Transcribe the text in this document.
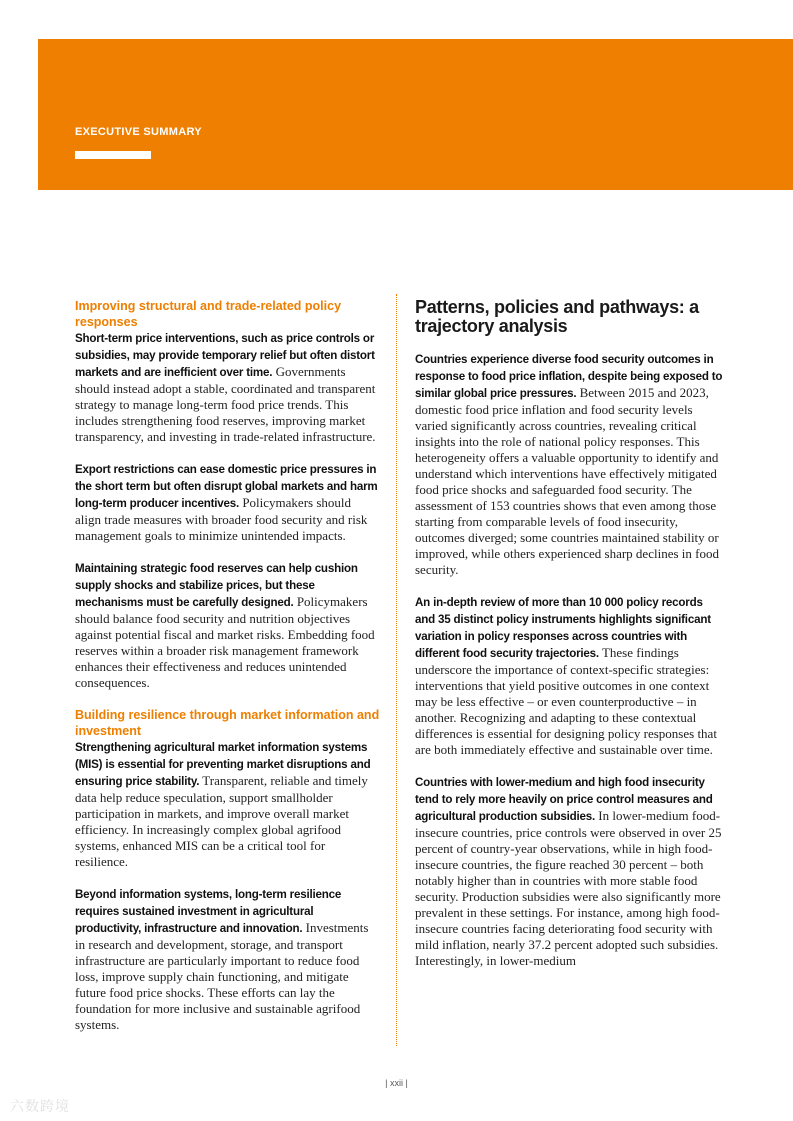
EXECUTIVE SUMMARY

Improving structural and trade-related policy responses

Short-term price interventions, such as price controls or subsidies, may provide temporary relief but often distort markets and are inefficient over time. Governments should instead adopt a stable, coordinated and transparent strategy to manage long-term food price trends. This includes strengthening food reserves, improving market transparency, and investing in trade-related infrastructure.

Export restrictions can ease domestic price pressures in the short term but often disrupt global markets and harm long-term producer incentives. Policymakers should align trade measures with broader food security and risk management goals to minimize unintended impacts.

Maintaining strategic food reserves can help cushion supply shocks and stabilize prices, but these mechanisms must be carefully designed. Policymakers should balance food security and nutrition objectives against potential fiscal and market risks. Embedding food reserves within a broader risk management framework enhances their effectiveness and reduces unintended consequences.

Building resilience through market information and investment

Strengthening agricultural market information systems (MIS) is essential for preventing market disruptions and ensuring price stability. Transparent, reliable and timely data help reduce speculation, support smallholder participation in markets, and improve overall market efficiency. In increasingly complex global agrifood systems, enhanced MIS can be a critical tool for resilience.

Beyond information systems, long-term resilience requires sustained investment in agricultural productivity, infrastructure and innovation. Investments in research and development, storage, and transport infrastructure are particularly important to reduce food loss, improve supply chain functioning, and mitigate future food price shocks. These efforts can lay the foundation for more inclusive and sustainable agrifood systems.

Patterns, policies and pathways: a trajectory analysis

Countries experience diverse food security outcomes in response to food price inflation, despite being exposed to similar global price pressures. Between 2015 and 2023, domestic food price inflation and food security levels varied significantly across countries, revealing critical insights into the role of national policy responses. This heterogeneity offers a valuable opportunity to identify and understand which interventions have effectively mitigated food price shocks and safeguarded food security. The assessment of 153 countries shows that even among those starting from comparable levels of food insecurity, outcomes diverged; some countries maintained stability or improved, while others experienced sharp declines in food security.

An in-depth review of more than 10 000 policy records and 35 distinct policy instruments highlights significant variation in policy responses across countries with different food security trajectories. These findings underscore the importance of context-specific strategies: interventions that yield positive outcomes in one context may be less effective – or even counterproductive – in another. Recognizing and adapting to these contextual differences is essential for designing policy responses that are both immediately effective and sustainable over time.

Countries with lower-medium and high food insecurity tend to rely more heavily on price control measures and agricultural production subsidies. In lower-medium food-insecure countries, price controls were observed in over 25 percent of country-year observations, while in high food-insecure countries, the figure reached 30 percent – both notably higher than in countries with more stable food security. Production subsidies were also significantly more prevalent in these settings. For instance, among high food-insecure countries facing deteriorating food security with mild inflation, nearly 37.2 percent adopted such subsidies. Interestingly, in lower-medium

| xxii |
六数跨境
